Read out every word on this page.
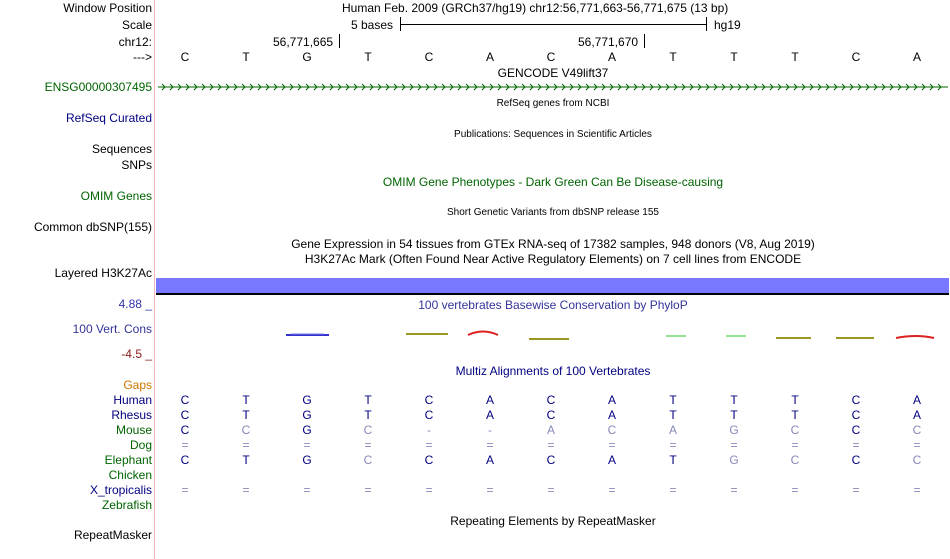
Window Position	Human Feb. 2009 (GRCh37/hg19) chr12:56,771,663-56,771,675 (13 bp)
Scale	5 bases	hg19
chr12:	56,771,665	56,771,670
--->	C	T	G	T	C	A	C	A	T	T	T	C	A
GENCODE V49lift37
ENSG00000307495
RefSeq genes from NCBI
RefSeq Curated
Publications: Sequences in Scientific Articles
Sequences
SNPs
OMIM Gene Phenotypes - Dark Green Can Be Disease-causing
OMIM Genes
Short Genetic Variants from dbSNP release 155
Common dbSNP(155)
Gene Expression in 54 tissues from GTEx RNA-seq of 17382 samples, 948 donors (V8, Aug 2019)
H3K27Ac Mark (Often Found Near Active Regulatory Elements) on 7 cell lines from ENCODE
Layered H3K27Ac
100 vertebrates Basewise Conservation by PhyloP
4.88 _
100 Vert. Cons
-4.5 _
Multiz Alignments of 100 Vertebrates
Gaps
Human	C	T	G	T	C	A	C	A	T	T	T	C	A
Rhesus	C	T	G	T	C	A	C	A	T	T	T	C	A
Mouse	C	C	G	C	-	-	A	C	A	G	C	C	C
Dog	=	=	=	=	=	=	=	=	=	=	=	=	=
Elephant	C	T	G	C	C	A	C	A	T	G	C	C	C
Chicken
X_tropicalis	=	=	=	=	=	=	=	=	=	=	=	=	=
Zebrafish
Repeating Elements by RepeatMasker
RepeatMasker
